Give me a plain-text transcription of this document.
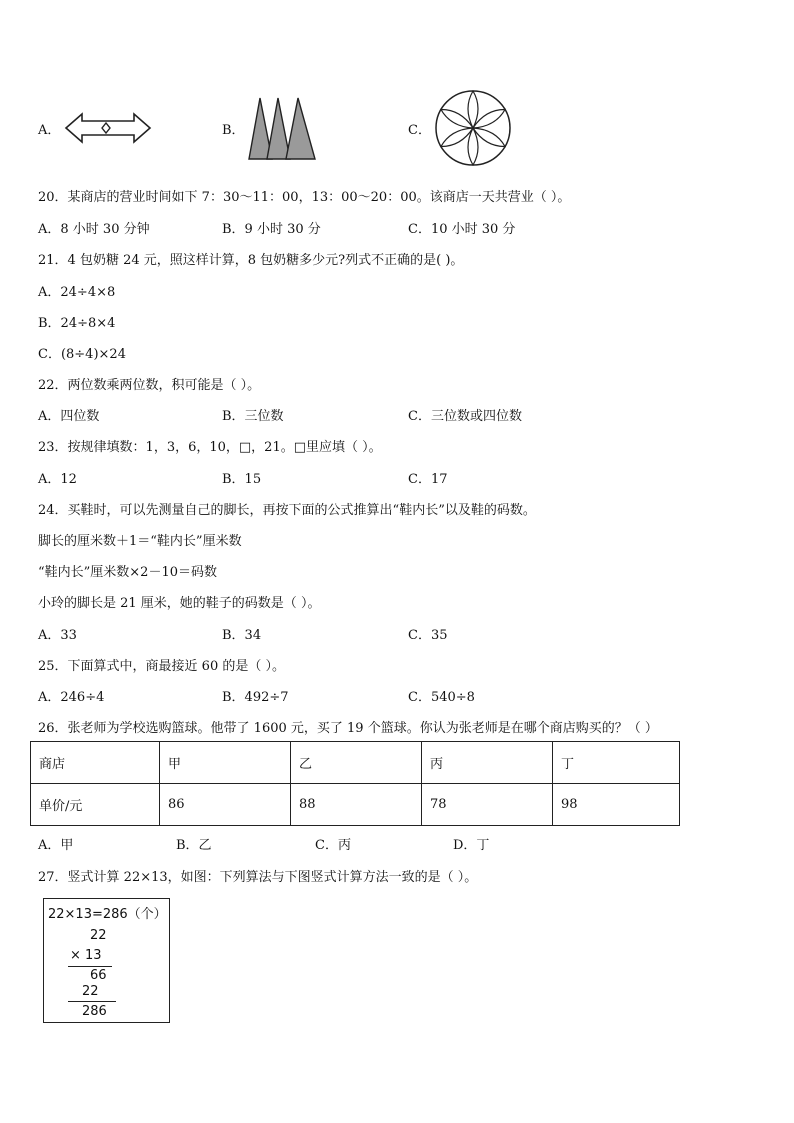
A．	B．	C．
20．某商店的营业时间如下 7：30～11：00，13：00～20：00。该商店一天共营业（ ）。
A．8 小时 30 分钟	B．9 小时 30 分	C．10 小时 30 分
21．4 包奶糖 24 元，照这样计算，8 包奶糖多少元?列式不正确的是( )。
A．24÷4×8
B．24÷8×4
C．(8÷4)×24
22．两位数乘两位数，积可能是（ ）。
A．四位数	B．三位数	C．三位数或四位数
23．按规律填数：1，3，6，10，□，21。□里应填（ ）。
A．12	B．15	C．17
24．买鞋时，可以先测量自己的脚长，再按下面的公式推算出“鞋内长”以及鞋的码数。
脚长的厘米数＋1＝“鞋内长”厘米数
“鞋内长”厘米数×2－10＝码数
小玲的脚长是 21 厘米，她的鞋子的码数是（ ）。
A．33	B．34	C．35
25．下面算式中，商最接近 60 的是（ ）。
A．246÷4	B．492÷7	C．540÷8
26．张老师为学校选购篮球。他带了 1600 元，买了 19 个篮球。你认为张老师是在哪个商店购买的？（ ）
商店	甲	乙	丙	丁
单价/元	86	88	78	98
A．甲	B．乙	C．丙	D．丁
27．竖式计算 22×13，如图：下列算法与下图竖式计算方法一致的是（ ）。
22×13=286（个）
22
× 13
66
22
286
